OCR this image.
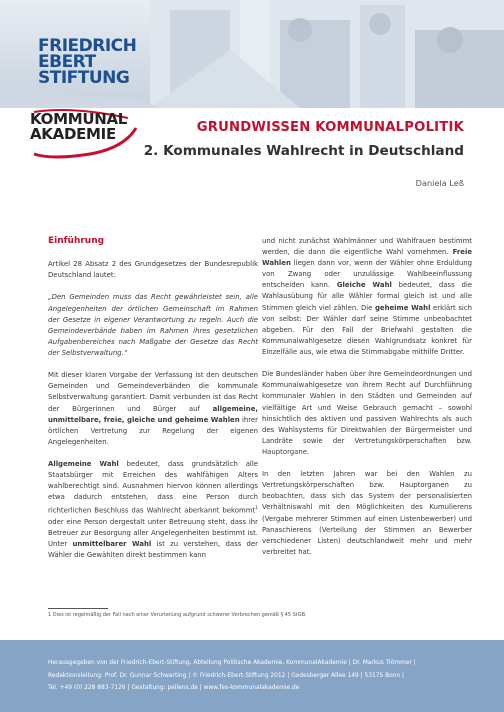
FRIEDRICH
EBERT
STIFTUNG
KOMMUNAL
AKADEMIE	GRUNDWISSEN KOMMUNALPOLITIK
2. Kommunales Wahlrecht in Deutschland
Daniela Leß
Einführung

Artikel 28 Absatz 2 des Grundgesetzes der Bundesrepublik Deutschland lautet:

„Den Gemeinden muss das Recht gewährleistet sein, alle Angelegenheiten der örtlichen Gemeinschaft im Rahmen der Gesetze in eigener Verantwortung zu regeln. Auch die Gemeindeverbände haben im Rahmen ihres gesetzlichen Aufgabenbereiches nach Maßgabe der Gesetze das Recht der Selbstverwaltung.“

Mit dieser klaren Vorgabe der Verfassung ist den deutschen Gemeinden und Gemeindeverbänden die kommunale Selbstverwaltung garantiert. Damit verbunden ist das Recht der Bürgerinnen und Bürger auf allgemeine, unmittelbare, freie, gleiche und geheime Wahlen ihrer örtlichen Vertretung zur Regelung der eigenen Angelegenheiten.

Allgemeine Wahl bedeutet, dass grundsätzlich alle Staatsbürger mit Erreichen des wahlfähigen Alters wahlberechtigt sind. Ausnahmen hiervon können allerdings etwa dadurch entstehen, dass eine Person durch richterlichen Beschluss das Wahlrecht aberkannt bekommt$^1$ oder eine Person dergestalt unter Betreuung steht, dass ihr Betreuer zur Besorgung aller Angelegenheiten bestimmt ist. Unter unmittelbarer Wahl ist zu verstehen, dass der Wähler die Gewählten direkt bestimmen kann

und nicht zunächst Wahlmänner und Wahlfrauen bestimmt werden, die dann die eigentliche Wahl vornehmen. Freie Wahlen liegen dann vor, wenn der Wähler ohne Erduldung von Zwang oder unzulässige Wahlbeeinflussung entscheiden kann. Gleiche Wahl bedeutet, dass die Wahlausübung für alle Wähler formal gleich ist und alle Stimmen gleich viel zählen. Die geheime Wahl erklärt sich von selbst: Der Wähler darf seine Stimme unbeobachtet abgeben. Für den Fall der Briefwahl gestalten die Kommunalwahlgesetze diesen Wahlgrundsatz konkret für Einzelfälle aus, wie etwa die Stimmabgabe mithilfe Dritter.

Die Bundesländer haben über ihre Gemeindeordnungen und Kommunalwahlgesetze von ihrem Recht auf Durchführung kommunaler Wahlen in den Städten und Gemeinden auf vielfältige Art und Weise Gebrauch gemacht – sowohl hinsichtlich des aktiven und passiven Wahlrechts als auch des Wahlsystems für Direktwahlen der Bürgermeister und Landräte sowie der Vertretungskörperschaften bzw. Hauptorgane.

In den letzten Jahren war bei den Wahlen zu Vertretungskörperschaften bzw. Hauptorganen zu beobachten, dass sich das System der personalisierten Verhältniswahl mit den Möglichkeiten des Kumulierens (Vergabe mehrerer Stimmen auf einen Listenbewerber) und Panaschierens (Verteilung der Stimmen an Bewerber verschiedener Listen) deutschlandweit mehr und mehr verbreitet hat.

1 Dies ist regelmäßig der Fall nach einer Verurteilung aufgrund schwerer Verbrechen gemäß § 45 StGB.
Herausgegeben von der Friedrich-Ebert-Stiftung, Abteilung Politische Akademie, KommunalAkademie | Dr. Markus Trömmer |
Redaktionsleitung: Prof. Dr. Gunnar Schwarting | © Friedrich-Ebert-Stiftung 2012 | Godesberger Allee 149 | 53175 Bonn |
Tel. +49 (0) 228 883-7126 | Gestaltung: pellens.de | www.fes-kommunalakademie.de
